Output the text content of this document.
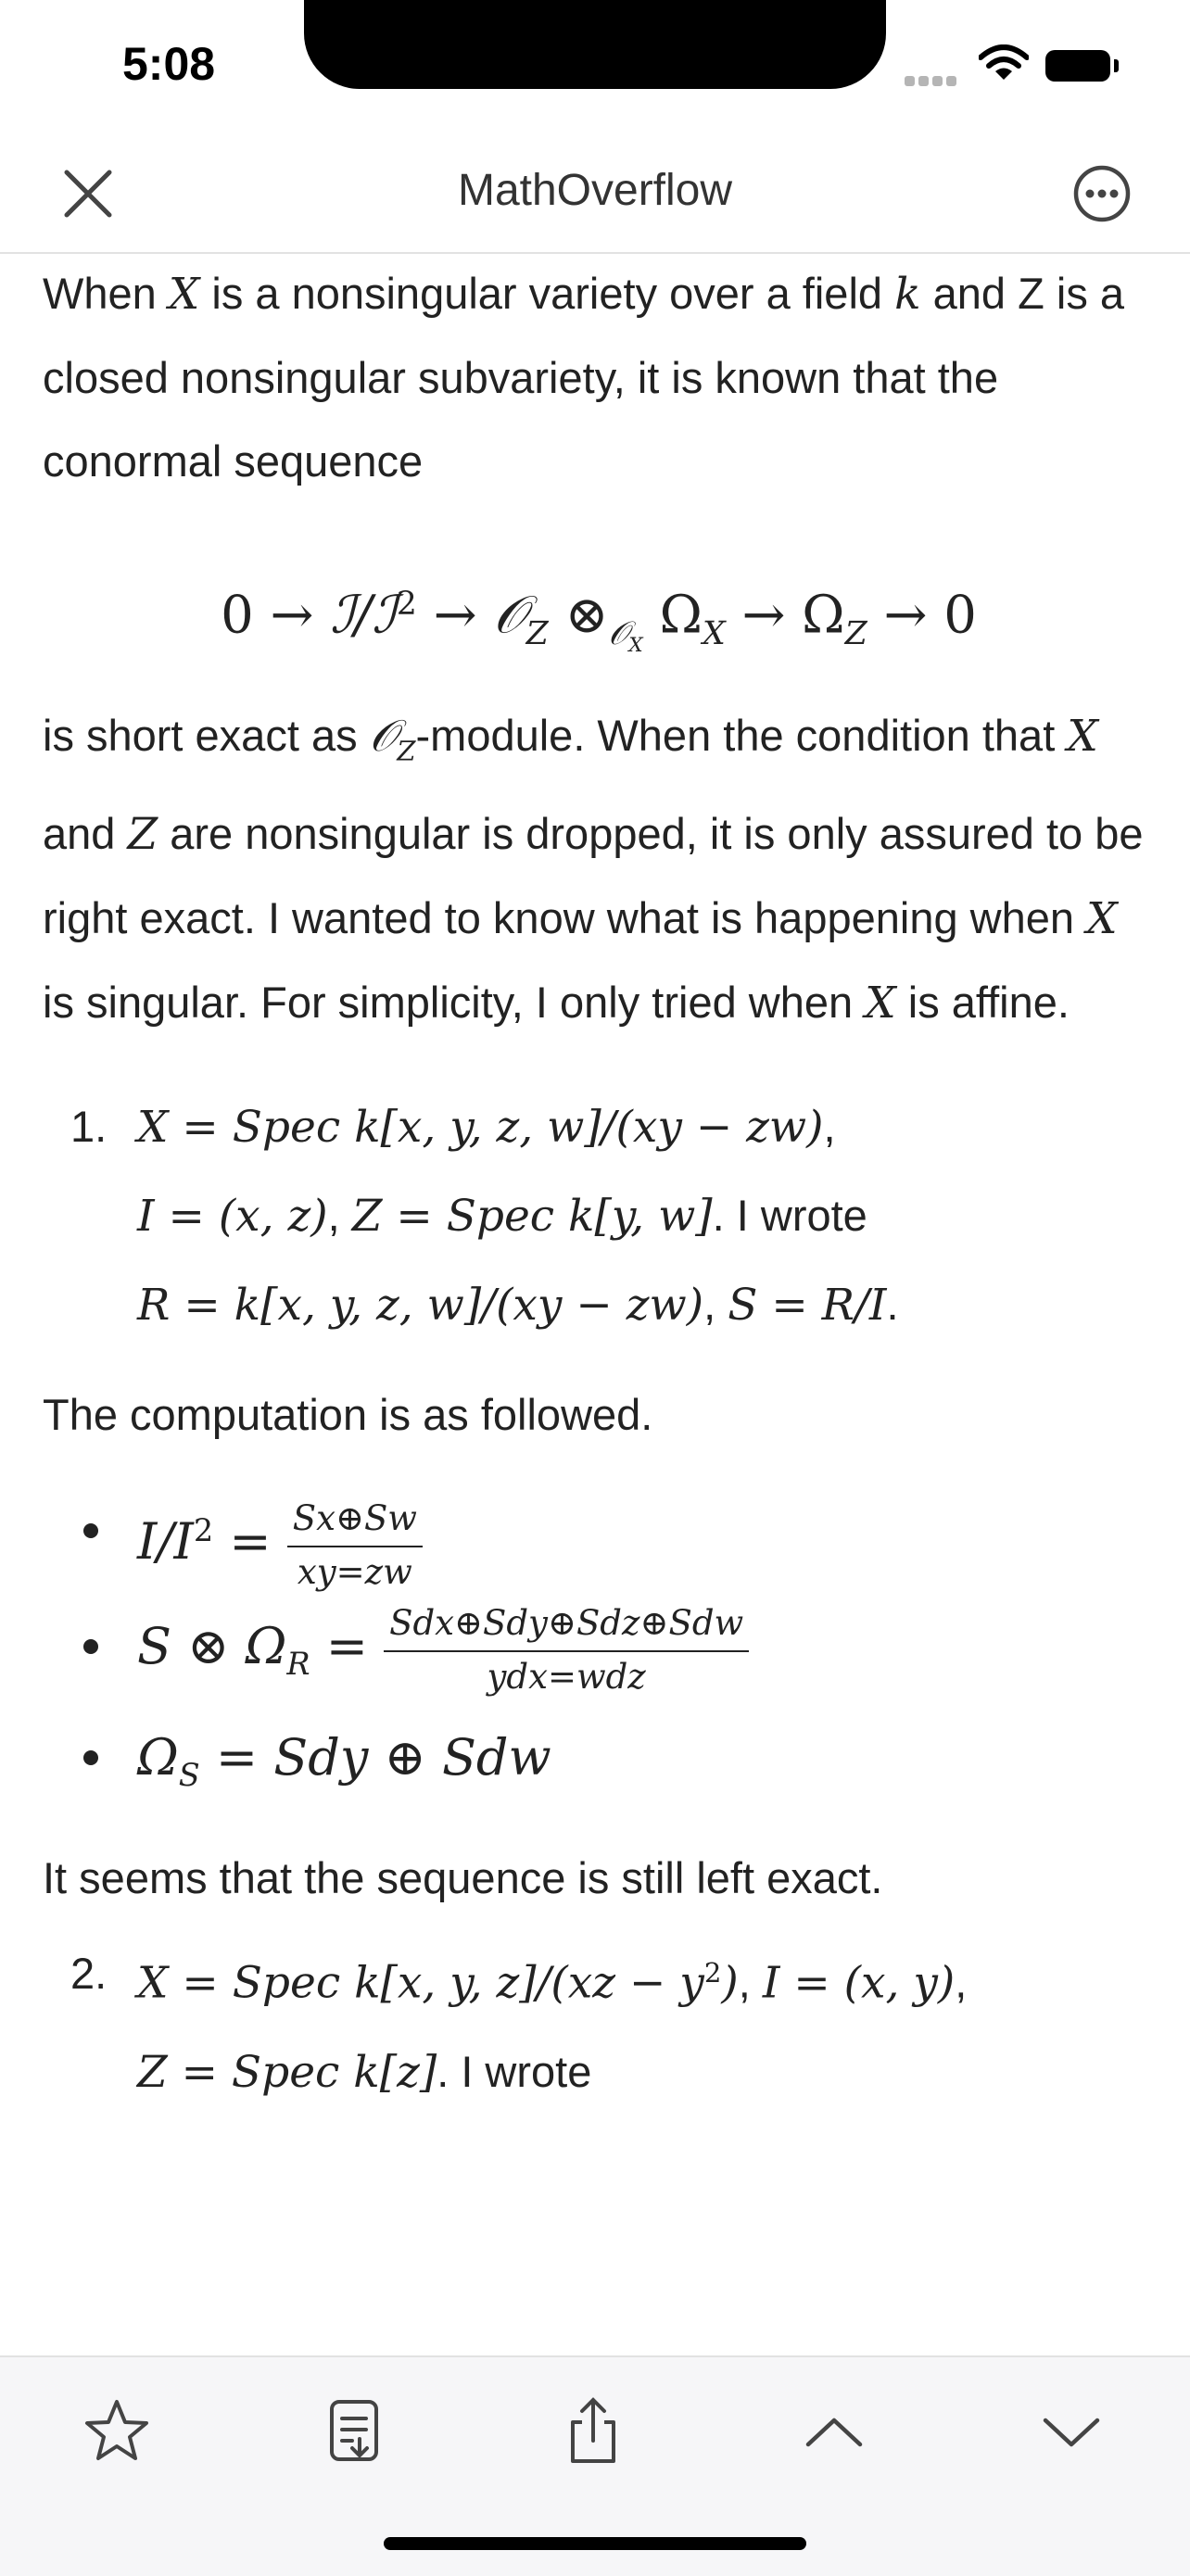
5:08
MathOverflow

When X is a nonsingular variety over a field k and Z is a closed nonsingular subvariety, it is known that the conormal sequence

0 → ℐ/ℐ$^2$ → 𝒪$_Z$ $\otimes_{𝒪_X}$ $\Omega_X \to \Omega_Z \to 0$

is short exact as 𝒪$_Z$-module. When the condition that X and Z are nonsingular is dropped, it is only assured to be right exact. I wanted to know what is happening when X is singular. For simplicity, I only tried when X is affine.

1. X = Spec k[x, y, z, w]/(xy − zw),
I = (x, z), Z = Spec k[y, w]. I wrote
R = k[x, y, z, w]/(xy − zw), S = R/I.

The computation is as followed.

$I/I^2 = \frac{Sx\oplus Sw}{xy=zw}$
S ⊗ $\Omega_R = \frac{\text{Sdx⊕Sdy⊕Sdz⊕Sdw}}{\text{ydx=wdz}}$
$\Omega_S$ = Sdy ⊕ Sdw

It seems that the sequence is still left exact.

2. X = Spec k[x, y, $z]/(xz - y^2)$, I = (x, y),
Z = Spec k[z]. I wrote
